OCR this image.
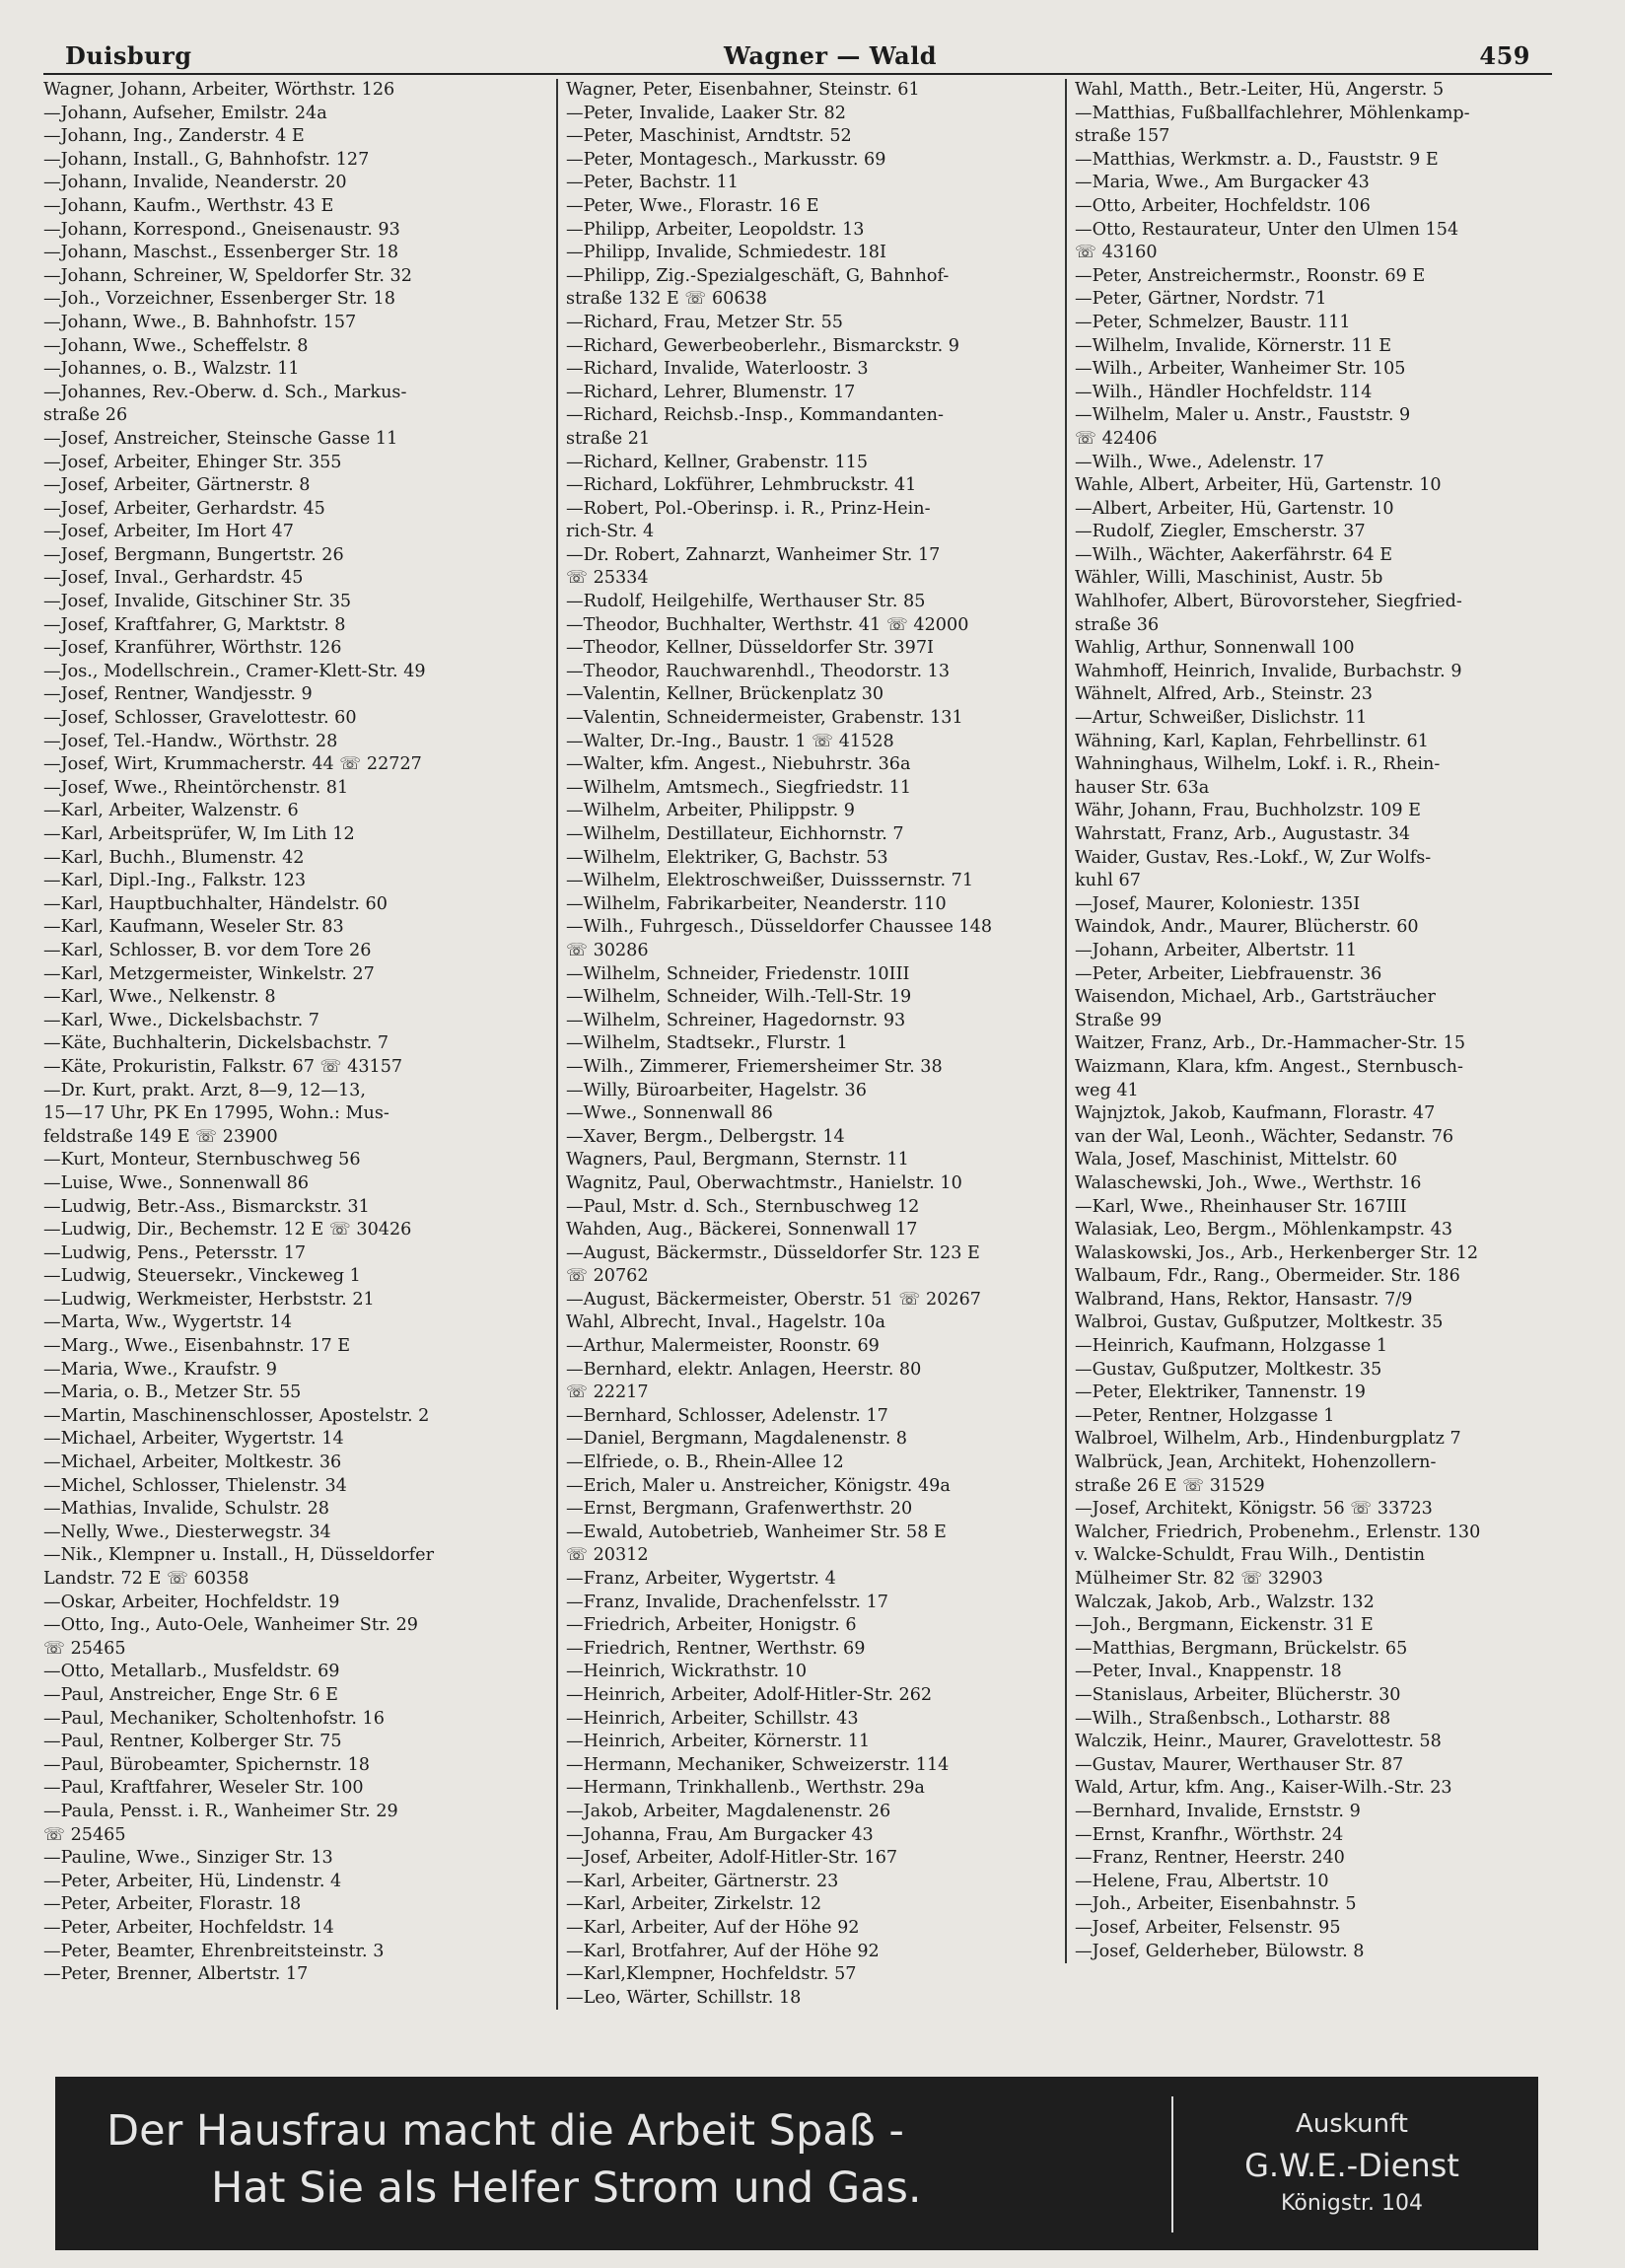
Duisburg	Wagner — Wald	459
Wagner, Johann, Arbeiter, Wörthstr. 126
—Johann, Aufseher, Emilstr. 24a
—Johann, Ing., Zanderstr. 4 E
—Johann, Install., G, Bahnhofstr. 127
—Johann, Invalide, Neanderstr. 20
—Johann, Kaufm., Werthstr. 43 E
—Johann, Korrespond., Gneisenaustr. 93
—Johann, Maschst., Essenberger Str. 18
—Johann, Schreiner, W, Speldorfer Str. 32
—Joh., Vorzeichner, Essenberger Str. 18
—Johann, Wwe., B. Bahnhofstr. 157
—Johann, Wwe., Scheffelstr. 8
—Johannes, o. B., Walzstr. 11
—Johannes, Rev.-Oberw. d. Sch., Markus-
straße 26
—Josef, Anstreicher, Steinsche Gasse 11
—Josef, Arbeiter, Ehinger Str. 355
—Josef, Arbeiter, Gärtnerstr. 8
—Josef, Arbeiter, Gerhardstr. 45
—Josef, Arbeiter, Im Hort 47
—Josef, Bergmann, Bungertstr. 26
—Josef, Inval., Gerhardstr. 45
—Josef, Invalide, Gitschiner Str. 35
—Josef, Kraftfahrer, G, Marktstr. 8
—Josef, Kranführer, Wörthstr. 126
—Jos., Modellschrein., Cramer-Klett-Str. 49
—Josef, Rentner, Wandjesstr. 9
—Josef, Schlosser, Gravelottestr. 60
—Josef, Tel.-Handw., Wörthstr. 28
—Josef, Wirt, Krummacherstr. 44 ☏ 22727
—Josef, Wwe., Rheintörchenstr. 81
—Karl, Arbeiter, Walzenstr. 6
—Karl, Arbeitsprüfer, W, Im Lith 12
—Karl, Buchh., Blumenstr. 42
—Karl, Dipl.-Ing., Falkstr. 123
—Karl, Hauptbuchhalter, Händelstr. 60
—Karl, Kaufmann, Weseler Str. 83
—Karl, Schlosser, B. vor dem Tore 26
—Karl, Metzgermeister, Winkelstr. 27
—Karl, Wwe., Nelkenstr. 8
—Karl, Wwe., Dickelsbachstr. 7
—Käte, Buchhalterin, Dickelsbachstr. 7
—Käte, Prokuristin, Falkstr. 67 ☏ 43157
—Dr. Kurt, prakt. Arzt, 8—9, 12—13,
15—17 Uhr, PK En 17995, Wohn.: Mus-
feldstraße 149 E ☏ 23900
—Kurt, Monteur, Sternbuschweg 56
—Luise, Wwe., Sonnenwall 86
—Ludwig, Betr.-Ass., Bismarckstr. 31
—Ludwig, Dir., Bechemstr. 12 E ☏ 30426
—Ludwig, Pens., Petersstr. 17
—Ludwig, Steuersekr., Vinckeweg 1
—Ludwig, Werkmeister, Herbststr. 21
—Marta, Ww., Wygertstr. 14
—Marg., Wwe., Eisenbahnstr. 17 E
—Maria, Wwe., Kraufstr. 9
—Maria, o. B., Metzer Str. 55
—Martin, Maschinenschlosser, Apostelstr. 2
—Michael, Arbeiter, Wygertstr. 14
—Michael, Arbeiter, Moltkestr. 36
—Michel, Schlosser, Thielenstr. 34
—Mathias, Invalide, Schulstr. 28
—Nelly, Wwe., Diesterwegstr. 34
—Nik., Klempner u. Install., H, Düsseldorfer
Landstr. 72 E ☏ 60358
—Oskar, Arbeiter, Hochfeldstr. 19
—Otto, Ing., Auto-Oele, Wanheimer Str. 29
☏ 25465
—Otto, Metallarb., Musfeldstr. 69
—Paul, Anstreicher, Enge Str. 6 E
—Paul, Mechaniker, Scholtenhofstr. 16
—Paul, Rentner, Kolberger Str. 75
—Paul, Bürobeamter, Spichernstr. 18
—Paul, Kraftfahrer, Weseler Str. 100
—Paula, Pensst. i. R., Wanheimer Str. 29
☏ 25465
—Pauline, Wwe., Sinziger Str. 13
—Peter, Arbeiter, Hü, Lindenstr. 4
—Peter, Arbeiter, Florastr. 18
—Peter, Arbeiter, Hochfeldstr. 14
—Peter, Beamter, Ehrenbreitsteinstr. 3
—Peter, Brenner, Albertstr. 17
Wagner, Peter, Eisenbahner, Steinstr. 61
—Peter, Invalide, Laaker Str. 82
—Peter, Maschinist, Arndtstr. 52
—Peter, Montagesch., Markusstr. 69
—Peter, Bachstr. 11
—Peter, Wwe., Florastr. 16 E
—Philipp, Arbeiter, Leopoldstr. 13
—Philipp, Invalide, Schmiedestr. 18I
—Philipp, Zig.-Spezialgeschäft, G, Bahnhof-
straße 132 E ☏ 60638
—Richard, Frau, Metzer Str. 55
—Richard, Gewerbeoberlehr., Bismarckstr. 9
—Richard, Invalide, Waterloostr. 3
—Richard, Lehrer, Blumenstr. 17
—Richard, Reichsb.-Insp., Kommandanten-
straße 21
—Richard, Kellner, Grabenstr. 115
—Richard, Lokführer, Lehmbruckstr. 41
—Robert, Pol.-Oberinsp. i. R., Prinz-Hein-
rich-Str. 4
—Dr. Robert, Zahnarzt, Wanheimer Str. 17
☏ 25334
—Rudolf, Heilgehilfe, Werthauser Str. 85
—Theodor, Buchhalter, Werthstr. 41 ☏ 42000
—Theodor, Kellner, Düsseldorfer Str. 397I
—Theodor, Rauchwarenhdl., Theodorstr. 13
—Valentin, Kellner, Brückenplatz 30
—Valentin, Schneidermeister, Grabenstr. 131
—Walter, Dr.-Ing., Baustr. 1 ☏ 41528
—Walter, kfm. Angest., Niebuhrstr. 36a
—Wilhelm, Amtsmech., Siegfriedstr. 11
—Wilhelm, Arbeiter, Philippstr. 9
—Wilhelm, Destillateur, Eichhornstr. 7
—Wilhelm, Elektriker, G, Bachstr. 53
—Wilhelm, Elektroschweißer, Duisssernstr. 71
—Wilhelm, Fabrikarbeiter, Neanderstr. 110
—Wilh., Fuhrgesch., Düsseldorfer Chaussee 148
☏ 30286
—Wilhelm, Schneider, Friedenstr. 10III
—Wilhelm, Schneider, Wilh.-Tell-Str. 19
—Wilhelm, Schreiner, Hagedornstr. 93
—Wilhelm, Stadtsekr., Flurstr. 1
—Wilh., Zimmerer, Friemersheimer Str. 38
—Willy, Büroarbeiter, Hagelstr. 36
—Wwe., Sonnenwall 86
—Xaver, Bergm., Delbergstr. 14
Wagners, Paul, Bergmann, Sternstr. 11
Wagnitz, Paul, Oberwachtmstr., Hanielstr. 10
—Paul, Mstr. d. Sch., Sternbuschweg 12
Wahden, Aug., Bäckerei, Sonnenwall 17
—August, Bäckermstr., Düsseldorfer Str. 123 E
☏ 20762
—August, Bäckermeister, Oberstr. 51 ☏ 20267
Wahl, Albrecht, Inval., Hagelstr. 10a
—Arthur, Malermeister, Roonstr. 69
—Bernhard, elektr. Anlagen, Heerstr. 80
☏ 22217
—Bernhard, Schlosser, Adelenstr. 17
—Daniel, Bergmann, Magdalenenstr. 8
—Elfriede, o. B., Rhein-Allee 12
—Erich, Maler u. Anstreicher, Königstr. 49a
—Ernst, Bergmann, Grafenwerthstr. 20
—Ewald, Autobetrieb, Wanheimer Str. 58 E
☏ 20312
—Franz, Arbeiter, Wygertstr. 4
—Franz, Invalide, Drachenfelsstr. 17
—Friedrich, Arbeiter, Honigstr. 6
—Friedrich, Rentner, Werthstr. 69
—Heinrich, Wickrathstr. 10
—Heinrich, Arbeiter, Adolf-Hitler-Str. 262
—Heinrich, Arbeiter, Schillstr. 43
—Heinrich, Arbeiter, Körnerstr. 11
—Hermann, Mechaniker, Schweizerstr. 114
—Hermann, Trinkhallenb., Werthstr. 29a
—Jakob, Arbeiter, Magdalenenstr. 26
—Johanna, Frau, Am Burgacker 43
—Josef, Arbeiter, Adolf-Hitler-Str. 167
—Karl, Arbeiter, Gärtnerstr. 23
—Karl, Arbeiter, Zirkelstr. 12
—Karl, Arbeiter, Auf der Höhe 92
—Karl, Brotfahrer, Auf der Höhe 92
—Karl,Klempner, Hochfeldstr. 57
—Leo, Wärter, Schillstr. 18
Wahl, Matth., Betr.-Leiter, Hü, Angerstr. 5
—Matthias, Fußballfachlehrer, Möhlenkamp-
straße 157
—Matthias, Werkmstr. a. D., Fauststr. 9 E
—Maria, Wwe., Am Burgacker 43
—Otto, Arbeiter, Hochfeldstr. 106
—Otto, Restaurateur, Unter den Ulmen 154
☏ 43160
—Peter, Anstreichermstr., Roonstr. 69 E
—Peter, Gärtner, Nordstr. 71
—Peter, Schmelzer, Baustr. 111
—Wilhelm, Invalide, Körnerstr. 11 E
—Wilh., Arbeiter, Wanheimer Str. 105
—Wilh., Händler Hochfeldstr. 114
—Wilhelm, Maler u. Anstr., Fauststr. 9
☏ 42406
—Wilh., Wwe., Adelenstr. 17
Wahle, Albert, Arbeiter, Hü, Gartenstr. 10
—Albert, Arbeiter, Hü, Gartenstr. 10
—Rudolf, Ziegler, Emscherstr. 37
—Wilh., Wächter, Aakerfährstr. 64 E
Wähler, Willi, Maschinist, Austr. 5b
Wahlhofer, Albert, Bürovorsteher, Siegfried-
straße 36
Wahlig, Arthur, Sonnenwall 100
Wahmhoff, Heinrich, Invalide, Burbachstr. 9
Wähnelt, Alfred, Arb., Steinstr. 23
—Artur, Schweißer, Dislichstr. 11
Wähning, Karl, Kaplan, Fehrbellinstr. 61
Wahninghaus, Wilhelm, Lokf. i. R., Rhein-
hauser Str. 63a
Währ, Johann, Frau, Buchholzstr. 109 E
Wahrstatt, Franz, Arb., Augustastr. 34
Waider, Gustav, Res.-Lokf., W, Zur Wolfs-
kuhl 67
—Josef, Maurer, Koloniestr. 135I
Waindok, Andr., Maurer, Blücherstr. 60
—Johann, Arbeiter, Albertstr. 11
—Peter, Arbeiter, Liebfrauenstr. 36
Waisendon, Michael, Arb., Gartsträucher
Straße 99
Waitzer, Franz, Arb., Dr.-Hammacher-Str. 15
Waizmann, Klara, kfm. Angest., Sternbusch-
weg 41
Wajnjztok, Jakob, Kaufmann, Florastr. 47
van der Wal, Leonh., Wächter, Sedanstr. 76
Wala, Josef, Maschinist, Mittelstr. 60
Walaschewski, Joh., Wwe., Werthstr. 16
—Karl, Wwe., Rheinhauser Str. 167III
Walasiak, Leo, Bergm., Möhlenkampstr. 43
Walaskowski, Jos., Arb., Herkenberger Str. 12
Walbaum, Fdr., Rang., Obermeider. Str. 186
Walbrand, Hans, Rektor, Hansastr. 7/9
Walbroi, Gustav, Gußputzer, Moltkestr. 35
—Heinrich, Kaufmann, Holzgasse 1
—Gustav, Gußputzer, Moltkestr. 35
—Peter, Elektriker, Tannenstr. 19
—Peter, Rentner, Holzgasse 1
Walbroel, Wilhelm, Arb., Hindenburgplatz 7
Walbrück, Jean, Architekt, Hohenzollern-
straße 26 E ☏ 31529
—Josef, Architekt, Königstr. 56 ☏ 33723
Walcher, Friedrich, Probenehm., Erlenstr. 130
v. Walcke-Schuldt, Frau Wilh., Dentistin
Mülheimer Str. 82 ☏ 32903
Walczak, Jakob, Arb., Walzstr. 132
—Joh., Bergmann, Eickenstr. 31 E
—Matthias, Bergmann, Brückelstr. 65
—Peter, Inval., Knappenstr. 18
—Stanislaus, Arbeiter, Blücherstr. 30
—Wilh., Straßenbsch., Lotharstr. 88
Walczik, Heinr., Maurer, Gravelottestr. 58
—Gustav, Maurer, Werthauser Str. 87
Wald, Artur, kfm. Ang., Kaiser-Wilh.-Str. 23
—Bernhard, Invalide, Ernststr. 9
—Ernst, Kranfhr., Wörthstr. 24
—Franz, Rentner, Heerstr. 240
—Helene, Frau, Albertstr. 10
—Joh., Arbeiter, Eisenbahnstr. 5
—Josef, Arbeiter, Felsenstr. 95
—Josef, Gelderheber, Bülowstr. 8
Der Hausfrau macht die Arbeit Spaß -
Hat Sie als Helfer Strom und Gas.
Auskunft
G.W.E.-Dienst
Königstr. 104
